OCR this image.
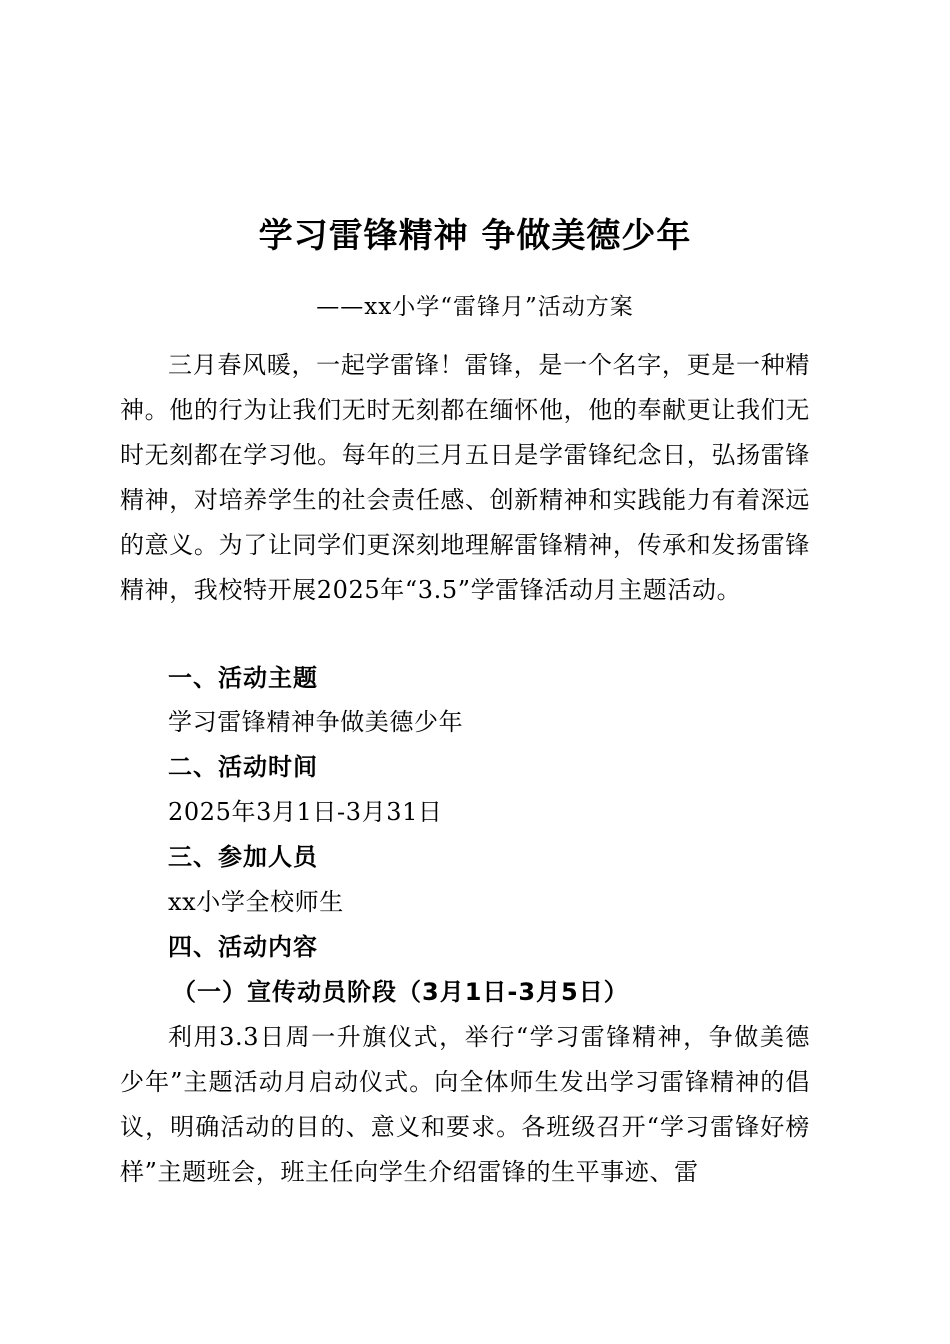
学习雷锋精神 争做美德少年
——xx小学“雷锋月”活动方案

三月春风暖，一起学雷锋！雷锋，是一个名字，更是一种精神。他的行为让我们无时无刻都在缅怀他，他的奉献更让我们无时无刻都在学习他。每年的三月五日是学雷锋纪念日，弘扬雷锋精神，对培养学生的社会责任感、创新精神和实践能力有着深远的意义。为了让同学们更深刻地理解雷锋精神，传承和发扬雷锋精神，我校特开展2025年“3.5”学雷锋活动月主题活动。

一、活动主题
学习雷锋精神争做美德少年
二、活动时间
2025年3月1日-3月31日
三、参加人员
xx小学全校师生
四、活动内容
（一）宣传动员阶段（3月1日-3月5日）

利用3.3日周一升旗仪式，举行“学习雷锋精神，争做美德少年”主题活动月启动仪式。向全体师生发出学习雷锋精神的倡议，明确活动的目的、意义和要求。各班级召开“学习雷锋好榜样”主题班会，班主任向学生介绍雷锋的生平事迹、雷
